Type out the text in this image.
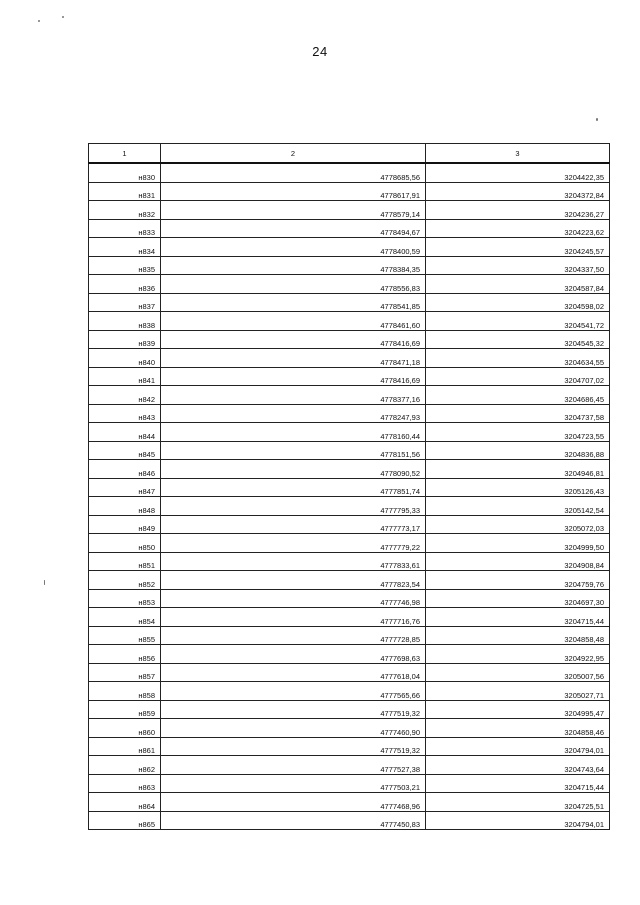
24
1	2	3
н830	4778685,56	3204422,35
н831	4778617,91	3204372,84
н832	4778579,14	3204236,27
н833	4778494,67	3204223,62
н834	4778400,59	3204245,57
н835	4778384,35	3204337,50
н836	4778556,83	3204587,84
н837	4778541,85	3204598,02
н838	4778461,60	3204541,72
н839	4778416,69	3204545,32
н840	4778471,18	3204634,55
н841	4778416,69	3204707,02
н842	4778377,16	3204686,45
н843	4778247,93	3204737,58
н844	4778160,44	3204723,55
н845	4778151,56	3204836,88
н846	4778090,52	3204946,81
н847	4777851,74	3205126,43
н848	4777795,33	3205142,54
н849	4777773,17	3205072,03
н850	4777779,22	3204999,50
н851	4777833,61	3204908,84
н852	4777823,54	3204759,76
н853	4777746,98	3204697,30
н854	4777716,76	3204715,44
н855	4777728,85	3204858,48
н856	4777698,63	3204922,95
н857	4777618,04	3205007,56
н858	4777565,66	3205027,71
н859	4777519,32	3204995,47
н860	4777460,90	3204858,46
н861	4777519,32	3204794,01
н862	4777527,38	3204743,64
н863	4777503,21	3204715,44
н864	4777468,96	3204725,51
н865	4777450,83	3204794,01
